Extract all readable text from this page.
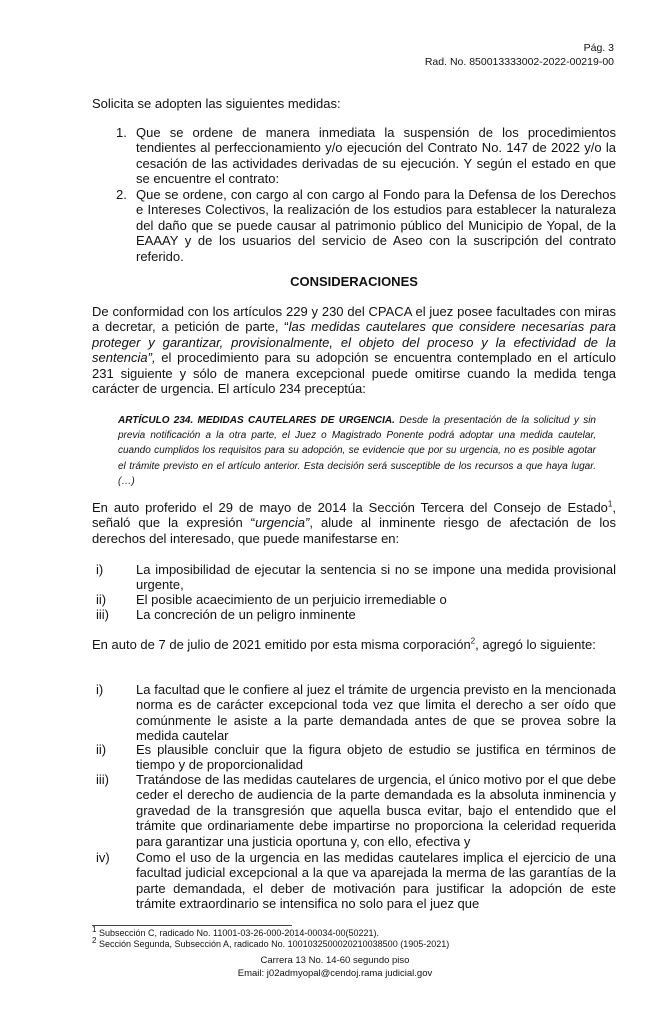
Pág. 3
Rad. No. 850013333002-2022-00219-00
Solicita se adopten las siguientes medidas:
1. Que se ordene de manera inmediata la suspensión de los procedimientos tendientes al perfeccionamiento y/o ejecución del Contrato No. 147 de 2022 y/o la cesación de las actividades derivadas de su ejecución. Y según el estado en que se encuentre el contrato:
2. Que se ordene, con cargo al con cargo al Fondo para la Defensa de los Derechos e Intereses Colectivos, la realización de los estudios para establecer la naturaleza del daño que se puede causar al patrimonio público del Municipio de Yopal, de la EAAAY y de los usuarios del servicio de Aseo con la suscripción del contrato referido.
CONSIDERACIONES
De conformidad con los artículos 229 y 230 del CPACA el juez posee facultades con miras a decretar, a petición de parte, “las medidas cautelares que considere necesarias para proteger y garantizar, provisionalmente, el objeto del proceso y la efectividad de la sentencia”, el procedimiento para su adopción se encuentra contemplado en el artículo 231 siguiente y sólo de manera excepcional puede omitirse cuando la medida tenga carácter de urgencia. El artículo 234 preceptúa:
ARTÍCULO 234. MEDIDAS CAUTELARES DE URGENCIA. Desde la presentación de la solicitud y sin previa notificación a la otra parte, el Juez o Magistrado Ponente podrá adoptar una medida cautelar, cuando cumplidos los requisitos para su adopción, se evidencie que por su urgencia, no es posible agotar el trámite previsto en el artículo anterior. Esta decisión será susceptible de los recursos a que haya lugar.(…)
En auto proferido el 29 de mayo de 2014 la Sección Tercera del Consejo de Estado$^1$, señaló que la expresión “urgencia”, alude al inminente riesgo de afectación de los derechos del interesado, que puede manifestarse en:
i)	La imposibilidad de ejecutar la sentencia si no se impone una medida provisional urgente,
ii) El posible acaecimiento de un perjuicio irremediable o
iii) La concreción de un peligro inminente
En auto de 7 de julio de 2021 emitido por esta misma corporación$^2$, agregó lo siguiente:
i)	La facultad que le confiere al juez el trámite de urgencia previsto en la mencionada norma es de carácter excepcional toda vez que limita el derecho a ser oído que comúnmente le asiste a la parte demandada antes de que se provea sobre la medida cautelar
ii) Es plausible concluir que la figura objeto de estudio se justifica en términos de tiempo y de proporcionalidad
iii) Tratándose de las medidas cautelares de urgencia, el único motivo por el que debe ceder el derecho de audiencia de la parte demandada es la absoluta inminencia y gravedad de la transgresión que aquella busca evitar, bajo el entendido que el trámite que ordinariamente debe impartirse no proporciona la celeridad requerida para garantizar una justicia oportuna y, con ello, efectiva y
iv) Como el uso de la urgencia en las medidas cautelares implica el ejercicio de una facultad judicial excepcional a la que va aparejada la merma de las garantías de la parte demandada, el deber de motivación para justificar la adopción de este trámite extraordinario se intensifica no solo para el juez que
$^1$ Subsección C, radicado No. 11001-03-26-000-2014-00034-00(50221).
$^2$ Sección Segunda, Subsección A, radicado No. 1001032500020210038500 (1905-2021)
Carrera 13 No. 14-60 segundo piso
Email: j02admyopal@cendoj.rama judicial.gov
